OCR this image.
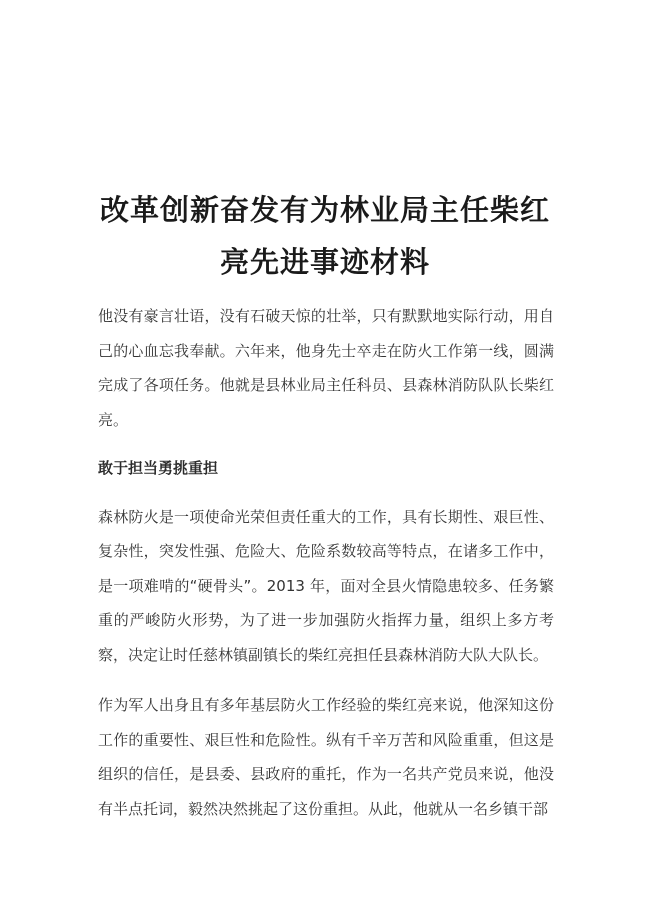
改革创新奋发有为林业局主任柴红亮先进事迹材料

他没有豪言壮语，没有石破天惊的壮举，只有默默地实际行动，用自己的心血忘我奉献。六年来，他身先士卒走在防火工作第一线，圆满完成了各项任务。他就是县林业局主任科员、县森林消防队队长柴红亮。

敢于担当勇挑重担

森林防火是一项使命光荣但责任重大的工作，具有长期性、艰巨性、复杂性，突发性强、危险大、危险系数较高等特点，在诸多工作中，是一项难啃的“硬骨头”。2013 年，面对全县火情隐患较多、任务繁重的严峻防火形势，为了进一步加强防火指挥力量，组织上多方考察，决定让时任慈林镇副镇长的柴红亮担任县森林消防大队大队长。

作为军人出身且有多年基层防火工作经验的柴红亮来说，他深知这份工作的重要性、艰巨性和危险性。纵有千辛万苦和风险重重，但这是组织的信任，是县委、县政府的重托，作为一名共产党员来说，他没有半点托词，毅然决然挑起了这份重担。从此，他就从一名乡镇干部
